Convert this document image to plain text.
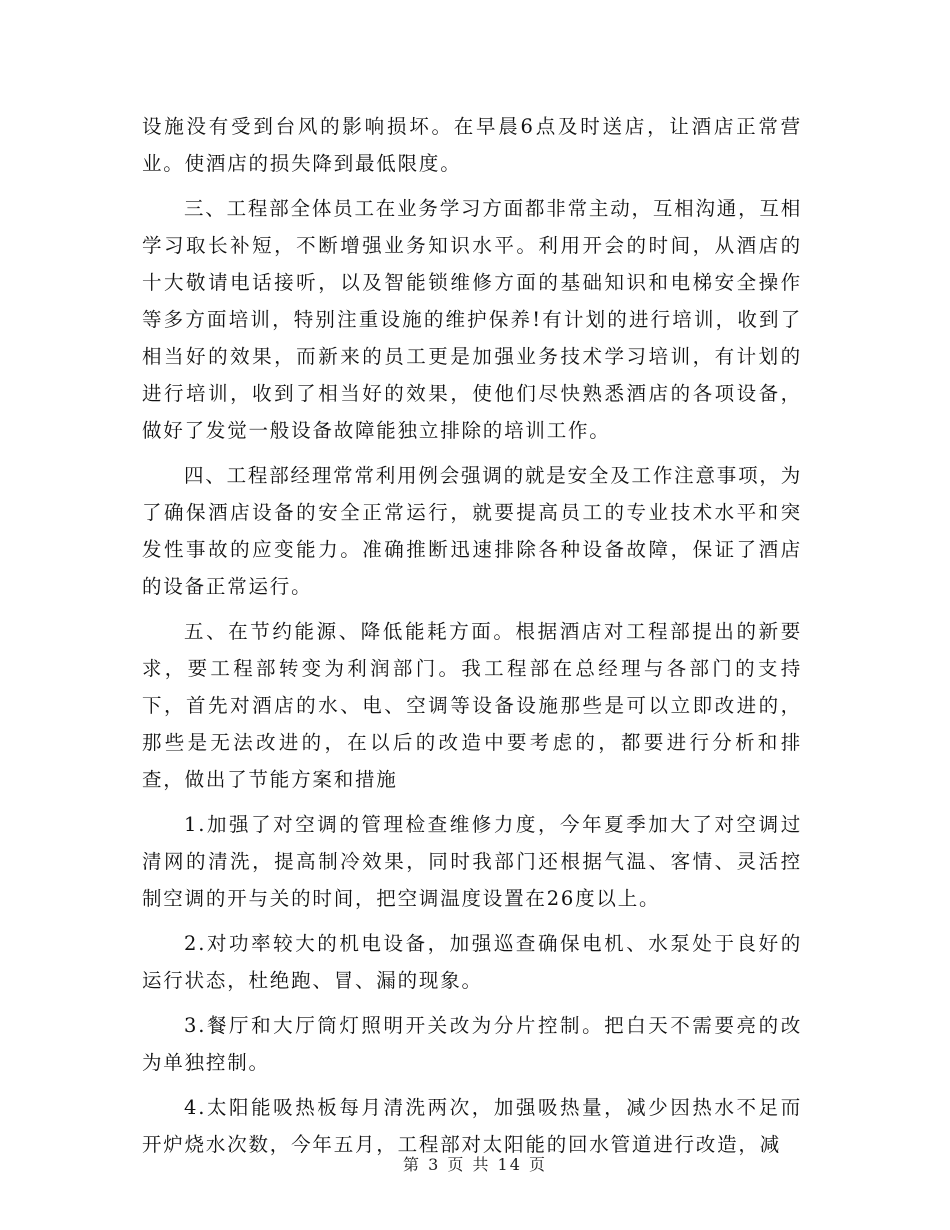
设施没有受到台风的影响损坏。在早晨6点及时送店，让酒店正常营业。使酒店的损失降到最低限度。

三、工程部全体员工在业务学习方面都非常主动，互相沟通，互相学习取长补短，不断增强业务知识水平。利用开会的时间，从酒店的十大敬请电话接听，以及智能锁维修方面的基础知识和电梯安全操作等多方面培训，特别注重设施的维护保养!有计划的进行培训，收到了相当好的效果，而新来的员工更是加强业务技术学习培训，有计划的进行培训，收到了相当好的效果，使他们尽快熟悉酒店的各项设备，做好了发觉一般设备故障能独立排除的培训工作。

四、工程部经理常常利用例会强调的就是安全及工作注意事项，为了确保酒店设备的安全正常运行，就要提高员工的专业技术水平和突发性事故的应变能力。准确推断迅速排除各种设备故障，保证了酒店的设备正常运行。

五、在节约能源、降低能耗方面。根据酒店对工程部提出的新要求，要工程部转变为利润部门。我工程部在总经理与各部门的支持下，首先对酒店的水、电、空调等设备设施那些是可以立即改进的，那些是无法改进的，在以后的改造中要考虑的，都要进行分析和排查，做出了节能方案和措施

1.加强了对空调的管理检查维修力度，今年夏季加大了对空调过清网的清洗，提高制冷效果，同时我部门还根据气温、客情、灵活控制空调的开与关的时间，把空调温度设置在26度以上。

2.对功率较大的机电设备，加强巡查确保电机、水泵处于良好的运行状态，杜绝跑、冒、漏的现象。

3.餐厅和大厅筒灯照明开关改为分片控制。把白天不需要亮的改为单独控制。

4.太阳能吸热板每月清洗两次，加强吸热量，减少因热水不足而开炉烧水次数，今年五月，工程部对太阳能的回水管道进行改造，减

第 3 页 共 14 页
